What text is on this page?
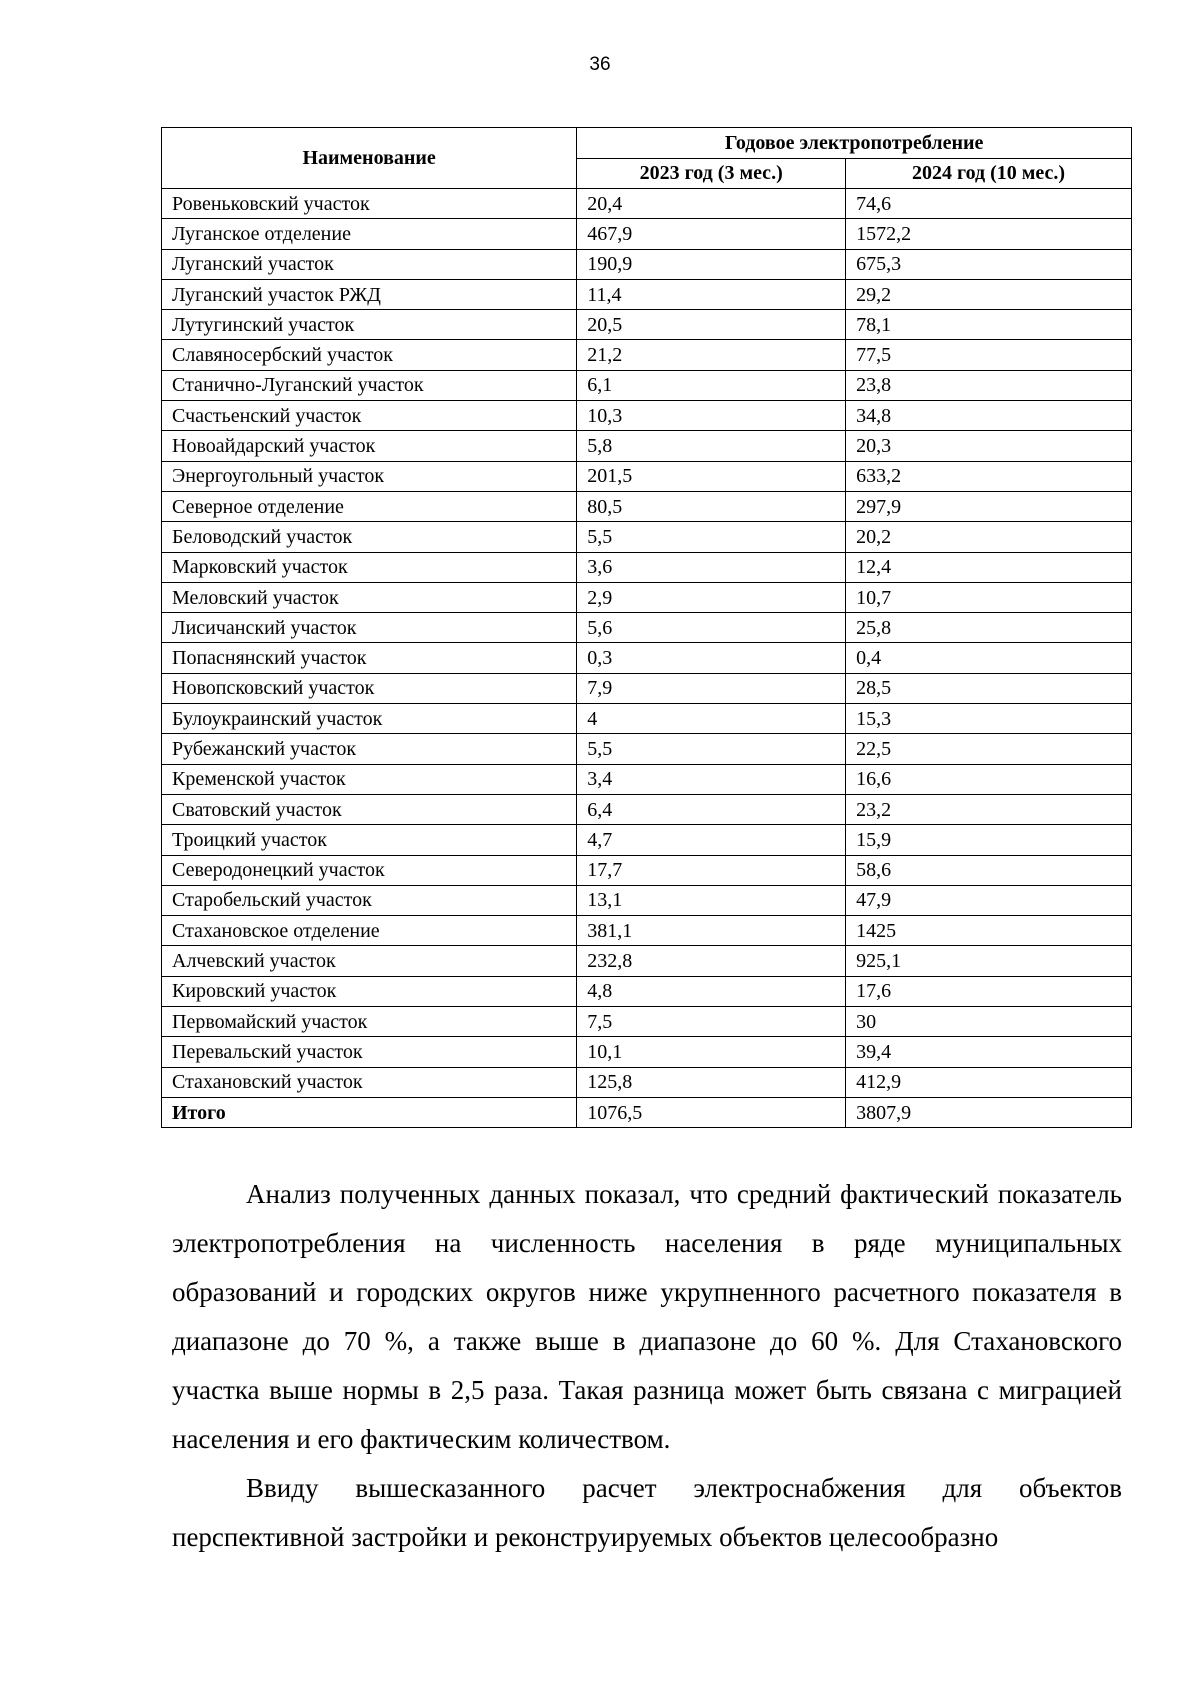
36
Наименование	Годовое электропотребление	
	2023 год (3 мес.)	2024 год (10 мес.)
Ровеньковский участок	20,4	74,6
Луганское отделение	467,9	1572,2
Луганский участок	190,9	675,3
Луганский участок РЖД	11,4	29,2
Лутугинский участок	20,5	78,1
Славяносербский участок	21,2	77,5
Станично-Луганский участок	6,1	23,8
Счастьенский участок	10,3	34,8
Новоайдарский участок	5,8	20,3
Энергоугольный участок	201,5	633,2
Северное отделение	80,5	297,9
Беловодский участок	5,5	20,2
Марковский участок	3,6	12,4
Меловский участок	2,9	10,7
Лисичанский участок	5,6	25,8
Попаснянский участок	0,3	0,4
Новопсковский участок	7,9	28,5
Булоукраинский участок	4	15,3
Рубежанский участок	5,5	22,5
Кременской участок	3,4	16,6
Сватовский участок	6,4	23,2
Троицкий участок	4,7	15,9
Северодонецкий участок	17,7	58,6
Старобельский участок	13,1	47,9
Стахановское отделение	381,1	1425
Алчевский участок	232,8	925,1
Кировский участок	4,8	17,6
Первомайский участок	7,5	30
Перевальский участок	10,1	39,4
Стахановский участок	125,8	412,9
Итого	1076,5	3807,9

Анализ полученных данных показал, что средний фактический показатель электропотребления на численность населения в ряде муниципальных образований и городских округов ниже укрупненного расчетного показателя в диапазоне до 70 %, а также выше в диапазоне до 60 %. Для Стахановского участка выше нормы в 2,5 раза. Такая разница может быть связана с миграцией населения и его фактическим количеством.

Ввиду вышесказанного расчет электроснабжения для объектов перспективной застройки и реконструируемых объектов целесообразно
